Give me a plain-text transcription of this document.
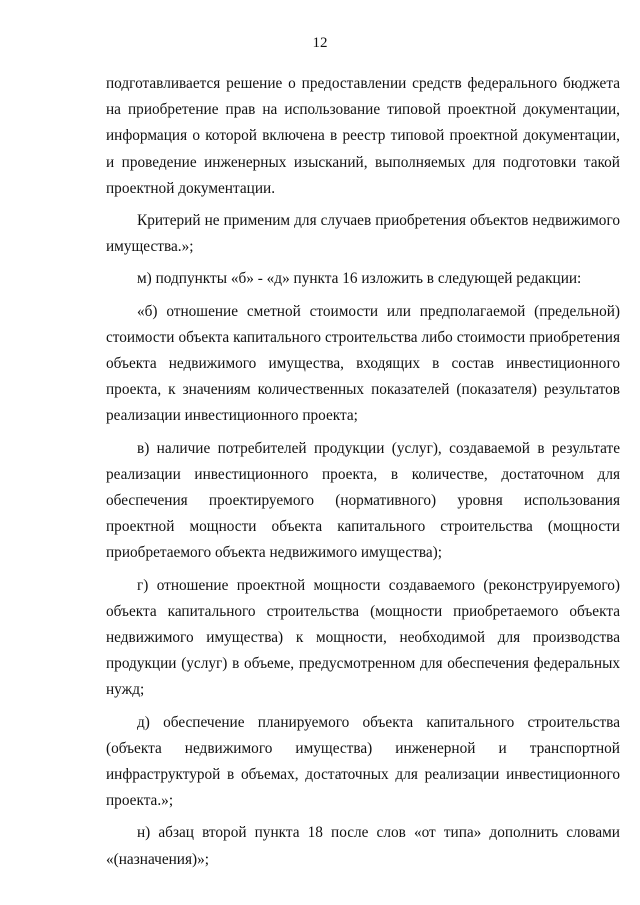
12

подготавливается решение о предоставлении средств федерального бюджета на приобретение прав на использование типовой проектной документации, информация о которой включена в реестр типовой проектной документации, и проведение инженерных изысканий, выполняемых для подготовки такой проектной документации.

Критерий не применим для случаев приобретения объектов недвижимого имущества.»;

м) подпункты «б» - «д» пункта 16 изложить в следующей редакции:

«б) отношение сметной стоимости или предполагаемой (предельной) стоимости объекта капитального строительства либо стоимости приобретения объекта недвижимого имущества, входящих в состав инвестиционного проекта, к значениям количественных показателей (показателя) результатов реализации инвестиционного проекта;

в) наличие потребителей продукции (услуг), создаваемой в результате реализации инвестиционного проекта, в количестве, достаточном для обеспечения проектируемого (нормативного) уровня использования проектной мощности объекта капитального строительства (мощности приобретаемого объекта недвижимого имущества);

г) отношение проектной мощности создаваемого (реконструируемого) объекта капитального строительства (мощности приобретаемого объекта недвижимого имущества) к мощности, необходимой для производства продукции (услуг) в объеме, предусмотренном для обеспечения федеральных нужд;

д) обеспечение планируемого объекта капитального строительства (объекта недвижимого имущества) инженерной и транспортной инфраструктурой в объемах, достаточных для реализации инвестиционного проекта.»;

н) абзац второй пункта 18 после слов «от типа» дополнить словами «(назначения)»;
